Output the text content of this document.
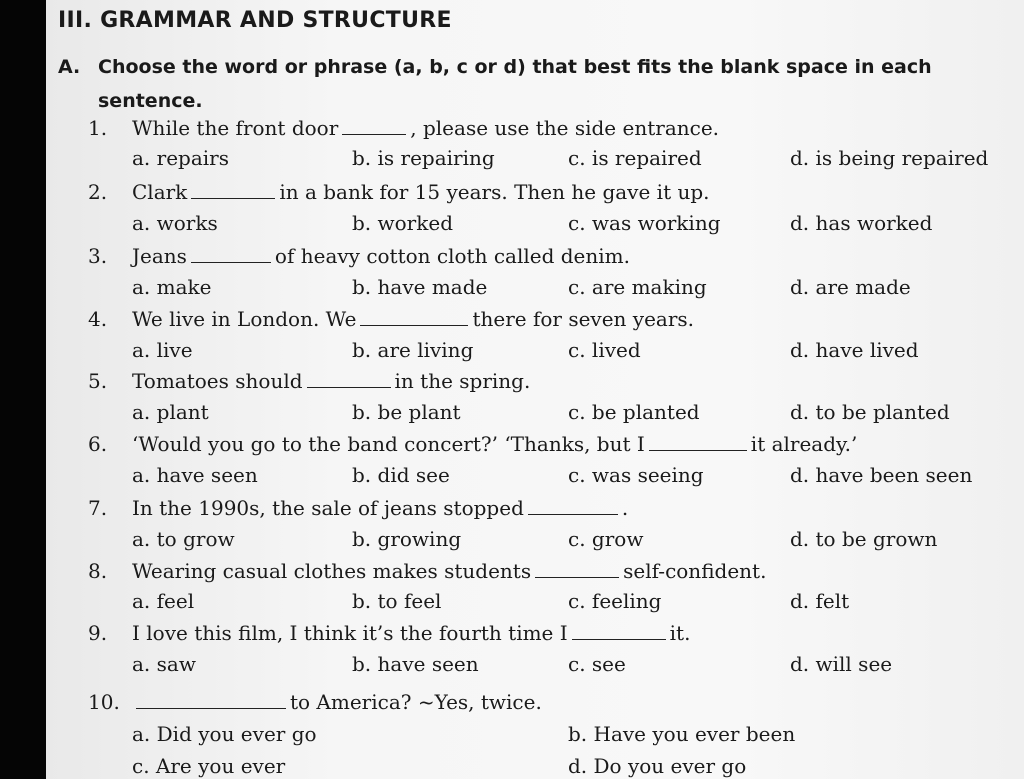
III. GRAMMAR AND STRUCTURE
A. Choose the word or phrase (a, b, c or d) that best fits the blank space in each
sentence.
1. While the front door	, please use the side entrance.
a. repairs	b. is repairing	c. is repaired	d. is being repaired
2. Clark	in a bank for 15 years. Then he gave it up.
a. works	b. worked	c. was working	d. has worked
3. Jeans	of heavy cotton cloth called denim.
a. make	b. have made	c. are making	d. are made
4. We live in London. We	there for seven years.
a. live	b. are living	c. lived	d. have lived
5. Tomatoes should	in the spring.
a. plant	b. be plant	c. be planted	d. to be planted
6. ‘Would you go to the band concert?’ ‘Thanks, but I	it already.’
a. have seen	b. did see	c. was seeing	d. have been seen
7. In the 1990s, the sale of jeans stopped	.
a. to grow	b. growing	c. grow	d. to be grown
8. Wearing casual clothes makes students	self-confident.
a. feel	b. to feel	c. feeling	d. felt
9. I love this film, I think it’s the fourth time I	it.
a. saw	b. have seen	c. see	d. will see
10.	to America? ~Yes, twice.
a. Did you ever go	b. Have you ever been
c. Are you ever	d. Do you ever go
